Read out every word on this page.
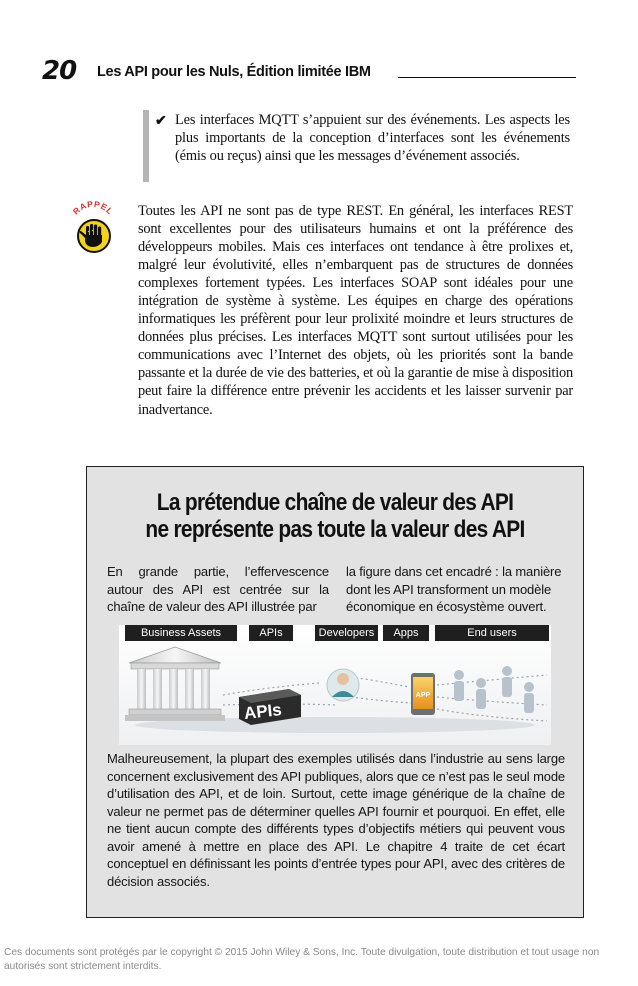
20 Les API pour les Nuls, Édition limitée IBM
✔ Les interfaces MQTT s’appuient sur des événements. Les aspects les plus importants de la conception d’interfaces sont les événements (émis ou reçus) ainsi que les messages d’événement associés.
RAPPEL Toutes les API ne sont pas de type REST. En général, les interfaces REST sont excellentes pour des utilisateurs humains et ont la préférence des développeurs mobiles. Mais ces interfaces ont tendance à être prolixes et, malgré leur évolutivité, elles n’embarquent pas de structures de données complexes fortement typées. Les interfaces SOAP sont idéales pour une intégration de système à système. Les équipes en charge des opérations informatiques les préfèrent pour leur prolixité moindre et leurs structures de données plus précises. Les interfaces MQTT sont surtout utilisées pour les communications avec l’Internet des objets, où les priorités sont la bande passante et la durée de vie des batteries, et où la garantie de mise à disposition peut faire la différence entre prévenir les accidents et les laisser survenir par inadvertance.
La prétendue chaîne de valeur des API
ne représente pas toute la valeur des API
En grande partie, l’effervescence autour des API est centrée sur la chaîne de valeur des API illustrée par
la figure dans cet encadré : la manière dont les API transforment un modèle économique en écosystème ouvert.
APIs
APP
Business Assets	APIs	Developers	Apps	End users
Malheureusement, la plupart des exemples utilisés dans l’industrie au sens large concernent exclusivement des API publiques, alors que ce n’est pas le seul mode d’utilisation des API, et de loin. Surtout, cette image générique de la chaîne de valeur ne permet pas de déterminer quelles API fournir et pourquoi. En effet, elle ne tient aucun compte des différents types d’objectifs métiers qui peuvent vous avoir amené à mettre en place des API. Le chapitre 4 traite de cet écart conceptuel en définissant les points d’entrée types pour API, avec des critères de décision associés.
Ces documents sont protégés par le copyright © 2015 John Wiley & Sons, Inc. Toute divulgation, toute distribution et tout usage non autorisés sont strictement interdits.
